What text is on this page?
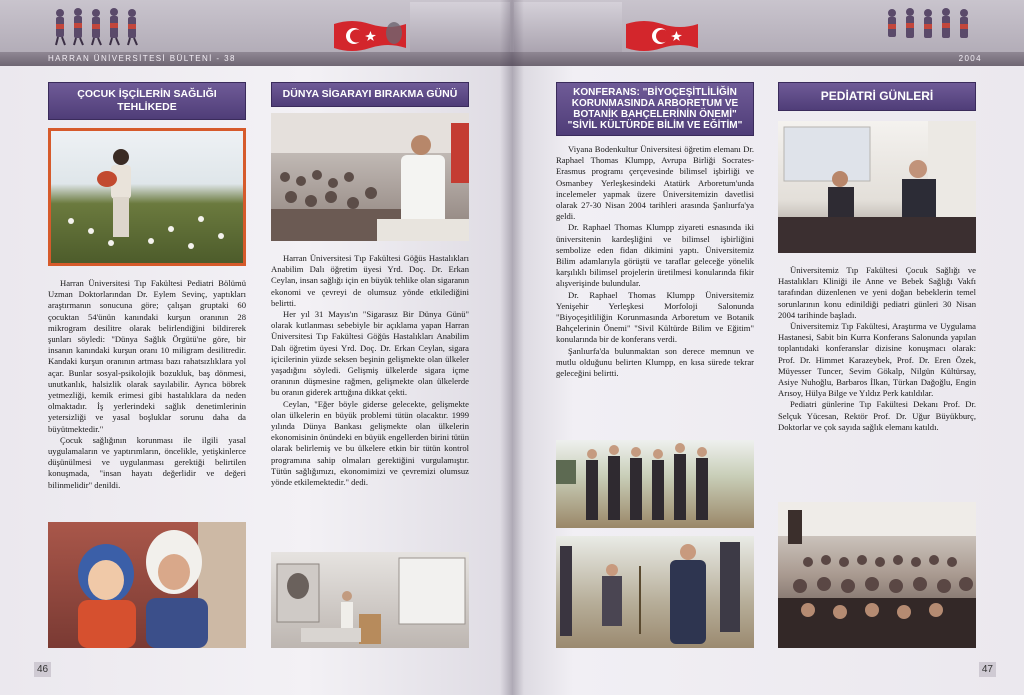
HARRAN ÜNİVERSİTESİ BÜLTENİ - 38
ÇOCUK İŞÇİLERİN SAĞLIĞI TEHLİKEDE

Harran Üniversitesi Tıp Fakültesi Pediatri Bölümü Uzman Doktorlarından Dr. Eylem Sevinç, yaptıkları araştırmanın sonucuna göre; çalışan gruptaki 60 çocuktan 54'ünün kanındaki kurşun oranının 28 mikrogram desilitre olarak belirlendiğini bildirerek şunları söyledi: "Dünya Sağlık Örgütü'ne göre, bir insanın kanındaki kurşun oranı 10 miligram desilitredir. Kandaki kurşun oranının artması bazı rahatsızlıklara yol açar. Bunlar sosyal-psikolojik bozukluk, baş dönmesi, unutkanlık, halsizlik olarak sayılabilir. Ayrıca böbrek yetmezliği, kemik erimesi gibi hastalıklara da neden olmaktadır. İş yerlerindeki sağlık denetimlerinin yetersizliği ve yasal boşluklar sorunu daha da büyütmektedir."

Çocuk sağlığının korunması ile ilgili yasal uygulamaların ve yaptırımların, öncelikle, yetişkinlerce düşünülmesi ve uygulanması gerektiği belirtilen konuşmada, "insan hayatı değerlidir ve değeri bilinmelidir" denildi.

DÜNYA SİGARAYI BIRAKMA GÜNÜ

Harran Üniversitesi Tıp Fakültesi Göğüs Hastalıkları Anabilim Dalı öğretim üyesi Yrd. Doç. Dr. Erkan Ceylan, insan sağlığı için en büyük tehlike olan sigaranın ekonomi ve çevreyi de olumsuz yönde etkilediğini belirtti.

Her yıl 31 Mayıs'ın "Sigarasız Bir Dünya Günü" olarak kutlanması sebebiyle bir açıklama yapan Harran Üniversitesi Tıp Fakültesi Göğüs Hastalıkları Anabilim Dalı öğretim üyesi Yrd. Doç. Dr. Erkan Ceylan, sigara içicilerinin yüzde seksen beşinin gelişmekte olan ülkeler yaşadığını söyledi. Gelişmiş ülkelerde sigara içme oranının düşmesine rağmen, gelişmekte olan ülkelerde bu oranın giderek arttığına dikkat çekti.

Ceylan, "Eğer böyle giderse gelecekte, gelişmekte olan ülkelerin en büyük problemi tütün olacaktır. 1999 yılında Dünya Bankası gelişmekte olan ülkelerin ekonomisinin önündeki en büyük engellerden birini tütün olarak belirlemiş ve bu ülkelere etkin bir tütün kontrol programına sahip olmaları gerektiğini vurgulamıştır. Tütün sağlığımızı, ekonomimizi ve çevremizi olumsuz yönde etkilemektedir." dedi.

46
2004
KONFERANS: "BİYOÇEŞİTLİLİĞİN KORUNMASINDA ARBORETUM VE BOTANİK BAHÇELERİNİN ÖNEMİ" "SİVİL KÜLTÜRDE BİLİM VE EĞİTİM"

Viyana Bodenkultur Üniversitesi öğretim elemanı Dr. Raphael Thomas Klumpp, Avrupa Birliği Socrates-Erasmus programı çerçevesinde bilimsel işbirliği ve Osmanbey Yerleşkesindeki Atatürk Arboretum'unda incelemeler yapmak üzere Üniversitemizin davetlisi olarak 27-30 Nisan 2004 tarihleri arasında Şanlıurfa'ya geldi.

Dr. Raphael Thomas Klumpp ziyareti esnasında iki üniversitenin kardeşliğini ve bilimsel işbirliğini sembolize eden fidan dikimini yaptı. Üniversitemiz Bilim adamlarıyla görüştü ve taraflar geleceğe yönelik karşılıklı bilimsel projelerin üretilmesi konularında fikir alışverişinde bulundular.

Dr. Raphael Thomas Klumpp Üniversitemiz Yenişehir Yerleşkesi Morfoloji Salonunda "Biyoçeşitliliğin Korunmasında Arboretum ve Botanik Bahçelerinin Önemi" "Sivil Kültürde Bilim ve Eğitim" konularında bir de konferans verdi.

Şanlıurfa'da bulunmaktan son derece memnun ve mutlu olduğunu belirten Klumpp, en kısa sürede tekrar geleceğini belirtti.

PEDİATRİ GÜNLERİ

Üniversitemiz Tıp Fakültesi Çocuk Sağlığı ve Hastalıkları Kliniği ile Anne ve Bebek Sağlığı Vakfı tarafından düzenlenen ve yeni doğan bebeklerin temel sorunlarının konu edinildiği pediatri günleri 30 Nisan 2004 tarihinde başladı.

Üniversitemiz Tıp Fakültesi, Araştırma ve Uygulama Hastanesi, Sabit bin Kurra Konferans Salonunda yapılan toplantıdaki konferanslar dizisine konuşmacı olarak: Prof. Dr. Himmet Karazeybek, Prof. Dr. Eren Özek, Müyesser Tuncer, Sevim Gökalp, Nilgün Kültürsay, Asiye Nuhoğlu, Barbaros İlkan, Türkan Dağoğlu, Engin Arısoy, Hülya Bilge ve Yıldız Perk katıldılar.

Pediatri günlerine Tıp Fakültesi Dekanı Prof. Dr. Selçuk Yücesan, Rektör Prof. Dr. Uğur Büyükburç, Doktorlar ve çok sayıda sağlık elemanı katıldı.

47
